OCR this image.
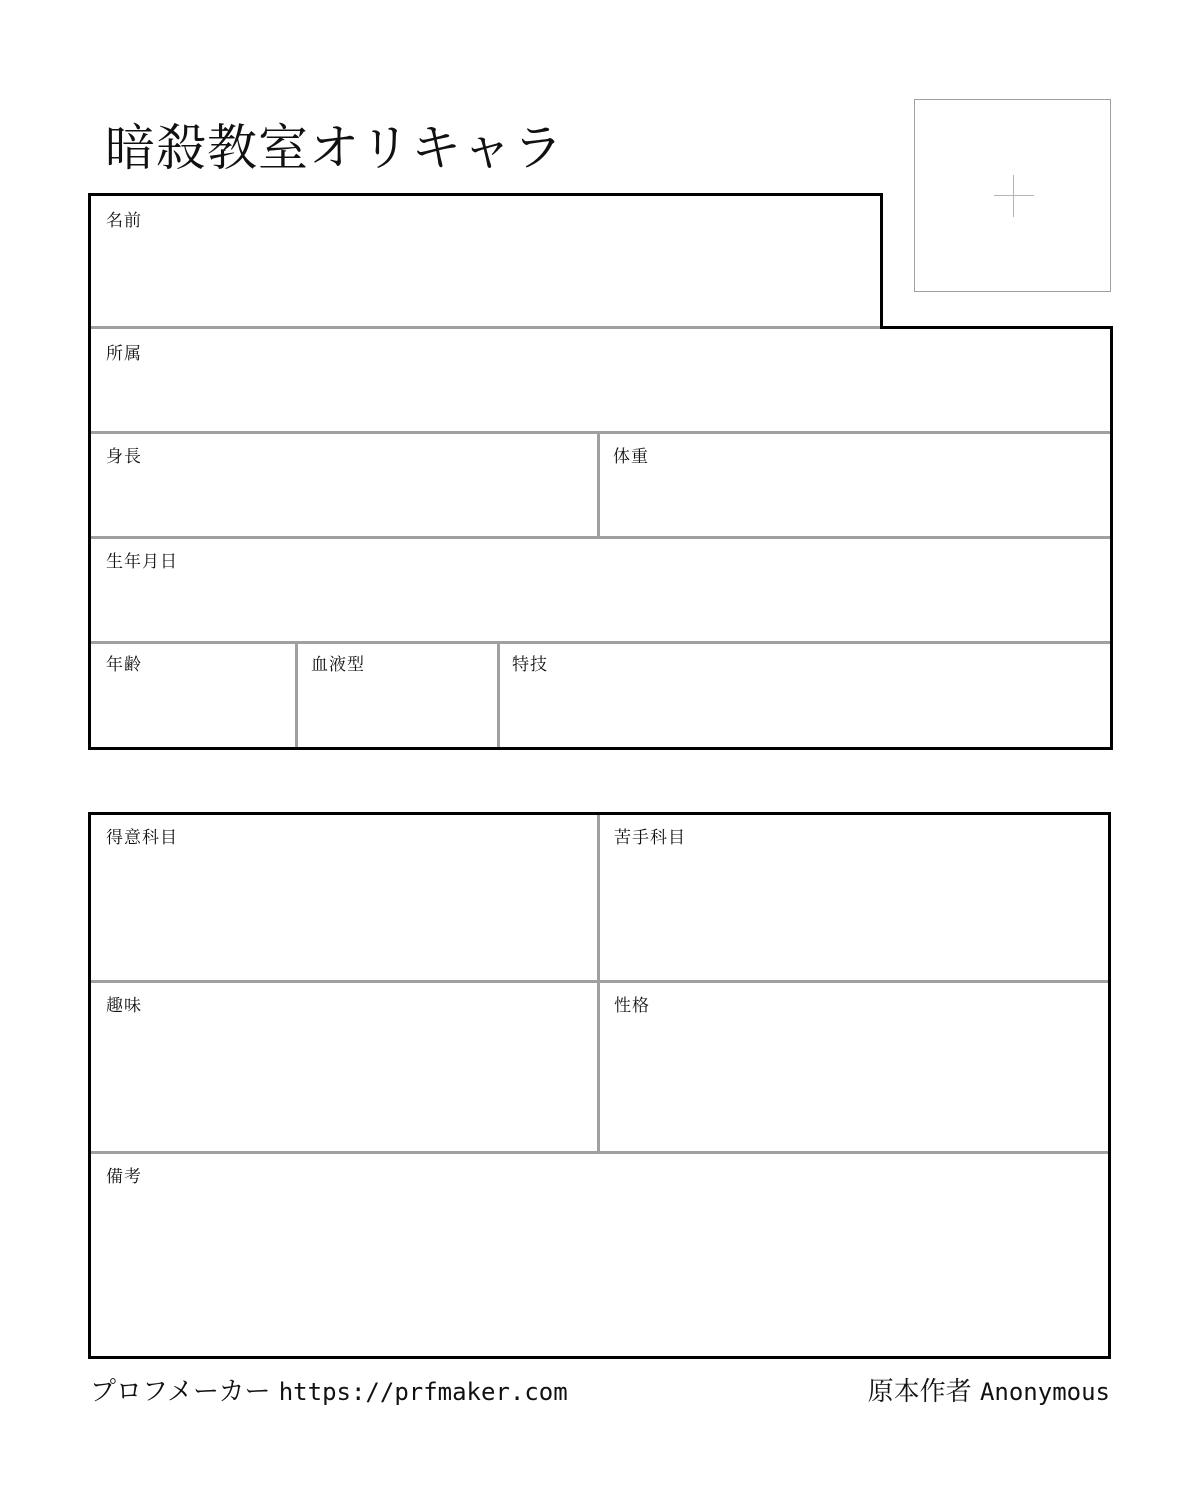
暗殺教室オリキャラ
名前
所属
身長	体重
生年月日
年齢	血液型	特技
得意科目	苦手科目
趣味	性格
備考
プロフメーカー https://prfmaker.com	原本作者 Anonymous
